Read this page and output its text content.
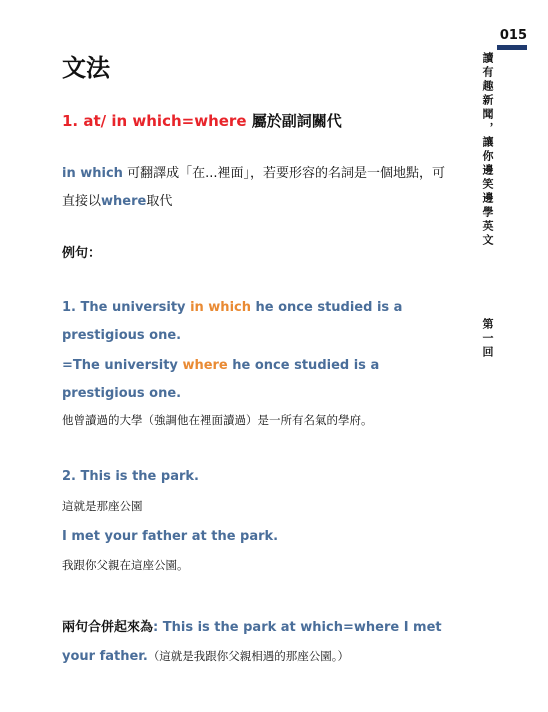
015
讀有趣新聞，讓你邊笑邊學英文
第一回
文法
1. at/ in which=where 屬於副詞關代
in which 可翻譯成「在...裡面」，若要形容的名詞是一個地點，可直接以where取代
例句：
1. The university in which he once studied is a prestigious one.
=The university where he once studied is a prestigious one.
他曾讀過的大學（強調他在裡面讀過）是一所有名氣的學府。
2. This is the park.
這就是那座公園
I met your father at the park.
我跟你父親在這座公園。
兩句合併起來為: This is the park at which=where I met your father.（這就是我跟你父親相遇的那座公園。）
